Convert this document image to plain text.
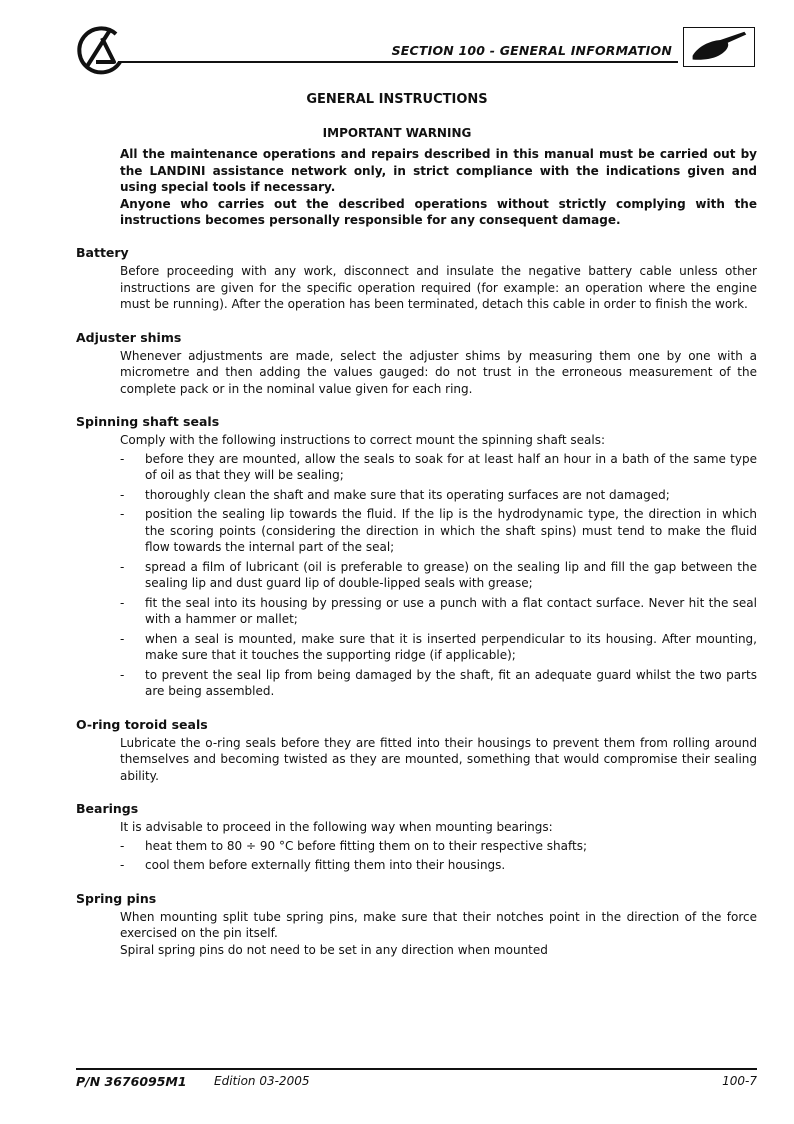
SECTION 100 - GENERAL INFORMATION
GENERAL INSTRUCTIONS
IMPORTANT WARNING

All the maintenance operations and repairs described in this manual must be carried out by the LANDINI assistance network only, in strict compliance with the indications given and using special tools if necessary.

Anyone who carries out the described operations without strictly complying with the instructions becomes personally responsible for any consequent damage.

Battery
Before proceeding with any work, disconnect and insulate the negative battery cable unless other instructions are given for the specific operation required (for example: an operation where the engine must be running). After the operation has been terminated, detach this cable in order to finish the work.
Adjuster shims
Whenever adjustments are made, select the adjuster shims by measuring them one by one with a micrometre and then adding the values gauged: do not trust in the erroneous measurement of the complete pack or in the nominal value given for each ring.
Spinning shaft seals
Comply with the following instructions to correct mount the spinning shaft seals:
- before they are mounted, allow the seals to soak for at least half an hour in a bath of the same type of oil as that they will be sealing;
- thoroughly clean the shaft and make sure that its operating surfaces are not damaged;
- position the sealing lip towards the fluid. If the lip is the hydrodynamic type, the direction in which the scoring points (considering the direction in which the shaft spins) must tend to make the fluid flow towards the internal part of the seal;
- spread a film of lubricant (oil is preferable to grease) on the sealing lip and fill the gap between the sealing lip and dust guard lip of double-lipped seals with grease;
- fit the seal into its housing by pressing or use a punch with a flat contact surface. Never hit the seal with a hammer or mallet;
- when a seal is mounted, make sure that it is inserted perpendicular to its housing. After mounting, make sure that it touches the supporting ridge (if applicable);
- to prevent the seal lip from being damaged by the shaft, fit an adequate guard whilst the two parts are being assembled.
O-ring toroid seals
Lubricate the o-ring seals before they are fitted into their housings to prevent them from rolling around themselves and becoming twisted as they are mounted, something that would compromise their sealing ability.
Bearings
It is advisable to proceed in the following way when mounting bearings:
- heat them to 80 ÷ 90 °C before fitting them on to their respective shafts;
- cool them before externally fitting them into their housings.
Spring pins
When mounting split tube spring pins, make sure that their notches point in the direction of the force exercised on the pin itself.
Spiral spring pins do not need to be set in any direction when mounted
P/N 3676095M1 Edition 03-2005	100-7
